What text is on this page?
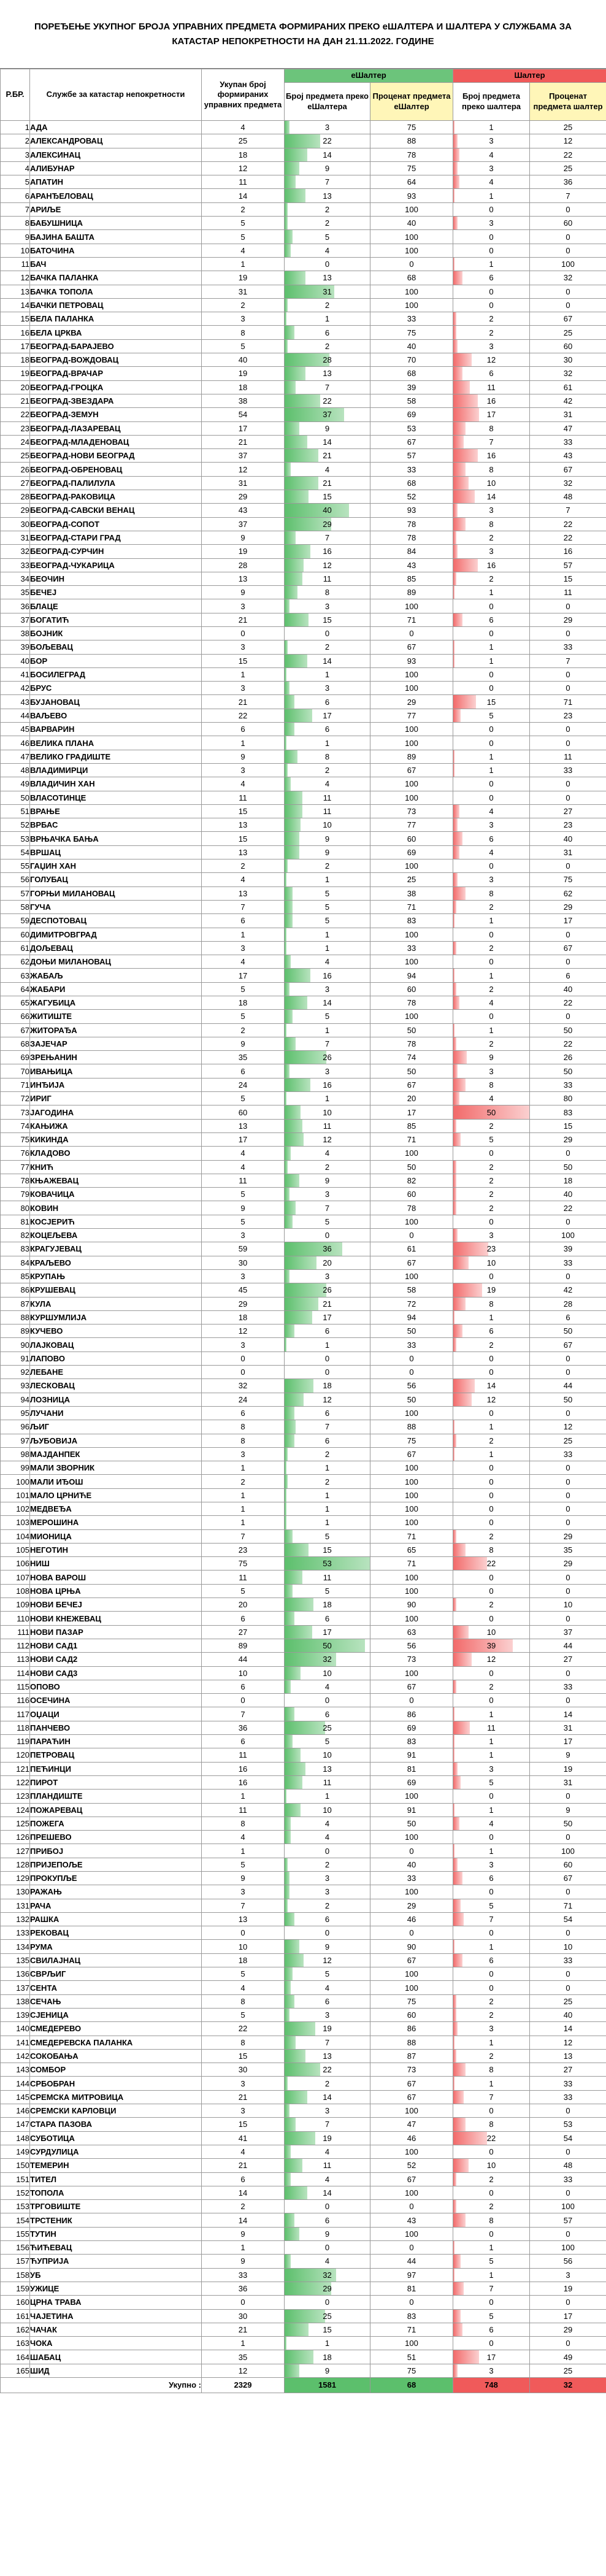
ПОРЕЂЕЊЕ УКУПНОГ БРОЈА УПРАВНИХ ПРЕДМЕТА ФОРМИРАНИХ ПРЕКО еШАЛТЕРА И ШАЛТЕРА У СЛУЖБАМА ЗА КАТАСТАР НЕПОКРЕТНОСТИ НА ДАН 21.11.2022. ГОДИНЕ
Р.БР.	Службе за катастар непокретности	Укупан број формираних управних предмета	еШалтер		Шалтер	
			Број предмета преко еШалтера	Проценат предмета еШалтер	Број предмета преко шалтера	Проценат предмета шалтер
1	АДА	4	3	75	1	25
2	АЛЕКСАНДРОВАЦ	25	22	88	3	12
3	АЛЕКСИНАЦ	18	14	78	4	22
4	АЛИБУНАР	12	9	75	3	25
5	АПАТИН	11	7	64	4	36
6	АРАНЂЕЛОВАЦ	14	13	93	1	7
7	АРИЉЕ	2	2	100	0	0
8	БАБУШНИЦА	5	2	40	3	60
9	БАЈИНА БАШТА	5	5	100	0	0
10	БАТОЧИНА	4	4	100	0	0
11	БАЧ	1	0	0	1	100
12	БАЧКА ПАЛАНКА	19	13	68	6	32
13	БАЧКА ТОПОЛА	31	31	100	0	0
14	БАЧКИ ПЕТРОВАЦ	2	2	100	0	0
15	БЕЛА ПАЛАНКА	3	1	33	2	67
16	БЕЛА ЦРКВА	8	6	75	2	25
17	БЕОГРАД-БАРАЈЕВО	5	2	40	3	60
18	БЕОГРАД-ВОЖДОВАЦ	40	28	70	12	30
19	БЕОГРАД-ВРАЧАР	19	13	68	6	32
20	БЕОГРАД-ГРОЦКА	18	7	39	11	61
21	БЕОГРАД-ЗВЕЗДАРА	38	22	58	16	42
22	БЕОГРАД-ЗЕМУН	54	37	69	17	31
23	БЕОГРАД-ЛАЗАРЕВАЦ	17	9	53	8	47
24	БЕОГРАД-МЛАДЕНОВАЦ	21	14	67	7	33
25	БЕОГРАД-НОВИ БЕОГРАД	37	21	57	16	43
26	БЕОГРАД-ОБРЕНОВАЦ	12	4	33	8	67
27	БЕОГРАД-ПАЛИЛУЛА	31	21	68	10	32
28	БЕОГРАД-РАКОВИЦА	29	15	52	14	48
29	БЕОГРАД-САВСКИ ВЕНАЦ	43	40	93	3	7
30	БЕОГРАД-СОПОТ	37	29	78	8	22
31	БЕОГРАД-СТАРИ ГРАД	9	7	78	2	22
32	БЕОГРАД-СУРЧИН	19	16	84	3	16
33	БЕОГРАД-ЧУКАРИЦА	28	12	43	16	57
34	БЕОЧИН	13	11	85	2	15
35	БЕЧЕЈ	9	8	89	1	11
36	БЛАЦЕ	3	3	100	0	0
37	БОГАТИЋ	21	15	71	6	29
38	БОЈНИК	0	0	0	0	0
39	БОЉЕВАЦ	3	2	67	1	33
40	БОР	15	14	93	1	7
41	БОСИЛЕГРАД	1	1	100	0	0
42	БРУС	3	3	100	0	0
43	БУЈАНОВАЦ	21	6	29	15	71
44	ВАЉЕВО	22	17	77	5	23
45	ВАРВАРИН	6	6	100	0	0
46	ВЕЛИКА ПЛАНА	1	1	100	0	0
47	ВЕЛИКО ГРАДИШТЕ	9	8	89	1	11
48	ВЛАДИМИРЦИ	3	2	67	1	33
49	ВЛАДИЧИН ХАН	4	4	100	0	0
50	ВЛАСОТИНЦЕ	11	11	100	0	0
51	ВРАЊЕ	15	11	73	4	27
52	ВРБАС	13	10	77	3	23
53	ВРЊАЧКА БАЊА	15	9	60	6	40
54	ВРШАЦ	13	9	69	4	31
55	ГАЏИН ХАН	2	2	100	0	0
56	ГОЛУБАЦ	4	1	25	3	75
57	ГОРЊИ МИЛАНОВАЦ	13	5	38	8	62
58	ГУЧА	7	5	71	2	29
59	ДЕСПОТОВАЦ	6	5	83	1	17
60	ДИМИТРОВГРАД	1	1	100	0	0
61	ДОЉЕВАЦ	3	1	33	2	67
62	ДОЊИ МИЛАНОВАЦ	4	4	100	0	0
63	ЖАБАЉ	17	16	94	1	6
64	ЖАБАРИ	5	3	60	2	40
65	ЖАГУБИЦА	18	14	78	4	22
66	ЖИТИШТЕ	5	5	100	0	0
67	ЖИТОРАЂА	2	1	50	1	50
68	ЗАЈЕЧАР	9	7	78	2	22
69	ЗРЕЊАНИН	35	26	74	9	26
70	ИВАЊИЦА	6	3	50	3	50
71	ИНЂИЈА	24	16	67	8	33
72	ИРИГ	5	1	20	4	80
73	ЈАГОДИНА	60	10	17	50	83
74	КАЊИЖА	13	11	85	2	15
75	КИКИНДА	17	12	71	5	29
76	КЛАДОВО	4	4	100	0	0
77	КНИЋ	4	2	50	2	50
78	КЊАЖЕВАЦ	11	9	82	2	18
79	КОВАЧИЦА	5	3	60	2	40
80	КОВИН	9	7	78	2	22
81	КОСЈЕРИЋ	5	5	100	0	0
82	КОЦЕЉЕВА	3	0	0	3	100
83	КРАГУЈЕВАЦ	59	36	61	23	39
84	КРАЉЕВО	30	20	67	10	33
85	КРУПАЊ	3	3	100	0	0
86	КРУШЕВАЦ	45	26	58	19	42
87	КУЛА	29	21	72	8	28
88	КУРШУМЛИЈА	18	17	94	1	6
89	КУЧЕВО	12	6	50	6	50
90	ЛАЈКОВАЦ	3	1	33	2	67
91	ЛАПОВО	0	0	0	0	0
92	ЛЕБАНЕ	0	0	0	0	0
93	ЛЕСКОВАЦ	32	18	56	14	44
94	ЛОЗНИЦА	24	12	50	12	50
95	ЛУЧАНИ	6	6	100	0	0
96	ЉИГ	8	7	88	1	12
97	ЉУБОВИЈА	8	6	75	2	25
98	МАЈДАНПЕК	3	2	67	1	33
99	МАЛИ ЗВОРНИК	1	1	100	0	0
100	МАЛИ ИЂОШ	2	2	100	0	0
101	МАЛО ЦРНИЋЕ	1	1	100	0	0
102	МЕДВЕЂА	1	1	100	0	0
103	МЕРОШИНА	1	1	100	0	0
104	МИОНИЦА	7	5	71	2	29
105	НЕГОТИН	23	15	65	8	35
106	НИШ	75	53	71	22	29
107	НОВА ВАРОШ	11	11	100	0	0
108	НОВА ЦРЊА	5	5	100	0	0
109	НОВИ БЕЧЕЈ	20	18	90	2	10
110	НОВИ КНЕЖЕВАЦ	6	6	100	0	0
111	НОВИ ПАЗАР	27	17	63	10	37
112	НОВИ САД1	89	50	56	39	44
113	НОВИ САД2	44	32	73	12	27
114	НОВИ САД3	10	10	100	0	0
115	ОПОВО	6	4	67	2	33
116	ОСЕЧИНА	0	0	0	0	0
117	ОЏАЦИ	7	6	86	1	14
118	ПАНЧЕВО	36	25	69	11	31
119	ПАРАЋИН	6	5	83	1	17
120	ПЕТРОВАЦ	11	10	91	1	9
121	ПЕЋИНЦИ	16	13	81	3	19
122	ПИРОТ	16	11	69	5	31
123	ПЛАНДИШТЕ	1	1	100	0	0
124	ПОЖАРЕВАЦ	11	10	91	1	9
125	ПОЖЕГА	8	4	50	4	50
126	ПРЕШЕВО	4	4	100	0	0
127	ПРИБОЈ	1	0	0	1	100
128	ПРИЈЕПОЉЕ	5	2	40	3	60
129	ПРОКУПЉЕ	9	3	33	6	67
130	РАЖАЊ	3	3	100	0	0
131	РАЧА	7	2	29	5	71
132	РАШКА	13	6	46	7	54
133	РЕКОВАЦ	0	0	0	0	0
134	РУМА	10	9	90	1	10
135	СВИЛАЈНАЦ	18	12	67	6	33
136	СВРЉИГ	5	5	100	0	0
137	СЕНТА	4	4	100	0	0
138	СЕЧАЊ	8	6	75	2	25
139	СЈЕНИЦА	5	3	60	2	40
140	СМЕДЕРЕВО	22	19	86	3	14
141	СМЕДЕРЕВСКА ПАЛАНКА	8	7	88	1	12
142	СОКОБАЊА	15	13	87	2	13
143	СОМБОР	30	22	73	8	27
144	СРБОБРАН	3	2	67	1	33
145	СРЕМСКА МИТРОВИЦА	21	14	67	7	33
146	СРЕМСКИ КАРЛОВЦИ	3	3	100	0	0
147	СТАРА ПАЗОВА	15	7	47	8	53
148	СУБОТИЦА	41	19	46	22	54
149	СУРДУЛИЦА	4	4	100	0	0
150	ТЕМЕРИН	21	11	52	10	48
151	ТИТЕЛ	6	4	67	2	33
152	ТОПОЛА	14	14	100	0	0
153	ТРГОВИШТЕ	2	0	0	2	100
154	ТРСТЕНИК	14	6	43	8	57
155	ТУТИН	9	9	100	0	0
156	ЋИЋЕВАЦ	1	0	0	1	100
157	ЋУПРИЈА	9	4	44	5	56
158	УБ	33	32	97	1	3
159	УЖИЦЕ	36	29	81	7	19
160	ЦРНА ТРАВА	0	0	0	0	0
161	ЧАЈЕТИНА	30	25	83	5	17
162	ЧАЧАК	21	15	71	6	29
163	ЧОКА	1	1	100	0	0
164	ШАБАЦ	35	18	51	17	49
165	ШИД	12	9	75	3	25
Укупно :		2329	1581	68	748	32
